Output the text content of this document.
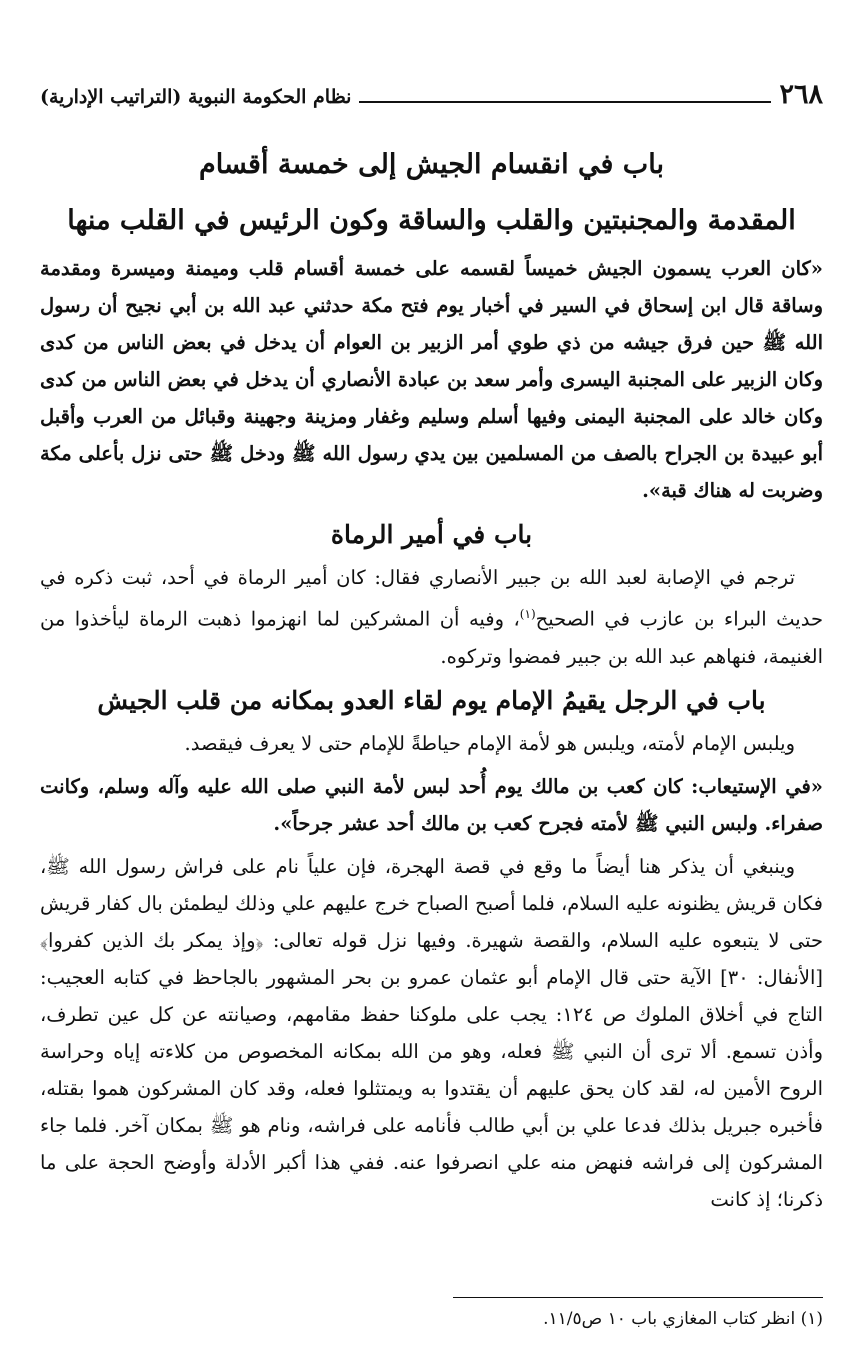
٢٦٨
نظام الحكومة النبوية (التراتيب الإدارية)
باب في انقسام الجيش إلى خمسة أقسام
المقدمة والمجنبتين والقلب والساقة وكون الرئيس في القلب منها

«كان العرب يسمون الجيش خميساً لقسمه على خمسة أقسام قلب وميمنة وميسرة ومقدمة وساقة قال ابن إسحاق في السير في أخبار يوم فتح مكة حدثني عبد الله بن أبي نجيح أن رسول الله ﷺ حين فرق جيشه من ذي طوي أمر الزبير بن العوام أن يدخل في بعض الناس من كدى وكان الزبير على المجنبة اليسرى وأمر سعد بن عبادة الأنصاري أن يدخل في بعض الناس من كدى وكان خالد على المجنبة اليمنى وفيها أسلم وسليم وغفار ومزينة وجهينة وقبائل من العرب وأقبل أبو عبيدة بن الجراح بالصف من المسلمين بين يدي رسول الله ﷺ ودخل ﷺ حتى نزل بأعلى مكة وضربت له هناك قبة».

باب في أمير الرماة

ترجم في الإصابة لعبد الله بن جبير الأنصاري فقال: كان أمير الرماة في أحد، ثبت ذكره في حديث البراء بن عازب في الصحيح$^{(١)}$، وفيه أن المشركين لما انهزموا ذهبت الرماة ليأخذوا من الغنيمة، فنهاهم عبد الله بن جبير فمضوا وتركوه.

باب في الرجل يقيمُ الإمام يوم لقاء العدو بمكانه من قلب الجيش

ويلبس الإمام لأمته، ويلبس هو لأمة الإمام حياطةً للإمام حتى لا يعرف فيقصد.

«في الإستيعاب: كان كعب بن مالك يوم أُحد لبس لأمة النبي صلى الله عليه وآله وسلم، وكانت صفراء. ولبس النبي ﷺ لأمته فجرح كعب بن مالك أحد عشر جرحاً».

وينبغي أن يذكر هنا أيضاً ما وقع في قصة الهجرة، فإن علياً نام على فراش رسول الله ﷺ، فكان قريش يظنونه عليه السلام، فلما أصبح الصباح خرج عليهم علي وذلك ليطمئن بال كفار قريش حتى لا يتبعوه عليه السلام، والقصة شهيرة. وفيها نزل قوله تعالى: ﴿وإذ يمكر بك الذين كفروا﴾ [الأنفال: ٣٠] الآية حتى قال الإمام أبو عثمان عمرو بن بحر المشهور بالجاحظ في كتابه العجيب: التاج في أخلاق الملوك ص ١٢٤: يجب على ملوكنا حفظ مقامهم، وصيانته عن كل عين تطرف، وأذن تسمع. ألا ترى أن النبي ﷺ فعله، وهو من الله بمكانه المخصوص من كلاءته إياه وحراسة الروح الأمين له، لقد كان يحق عليهم أن يقتدوا به ويمتثلوا فعله، وقد كان المشركون هموا بقتله، فأخبره جبريل بذلك فدعا علي بن أبي طالب فأنامه على فراشه، ونام هو ﷺ بمكان آخر. فلما جاء المشركون إلى فراشه فنهض منه علي انصرفوا عنه. ففي هذا أكبر الأدلة وأوضح الحجة على ما ذكرنا؛ إذ كانت

(١) انظر كتاب المغازي باب ١٠ ص١١/٥.
